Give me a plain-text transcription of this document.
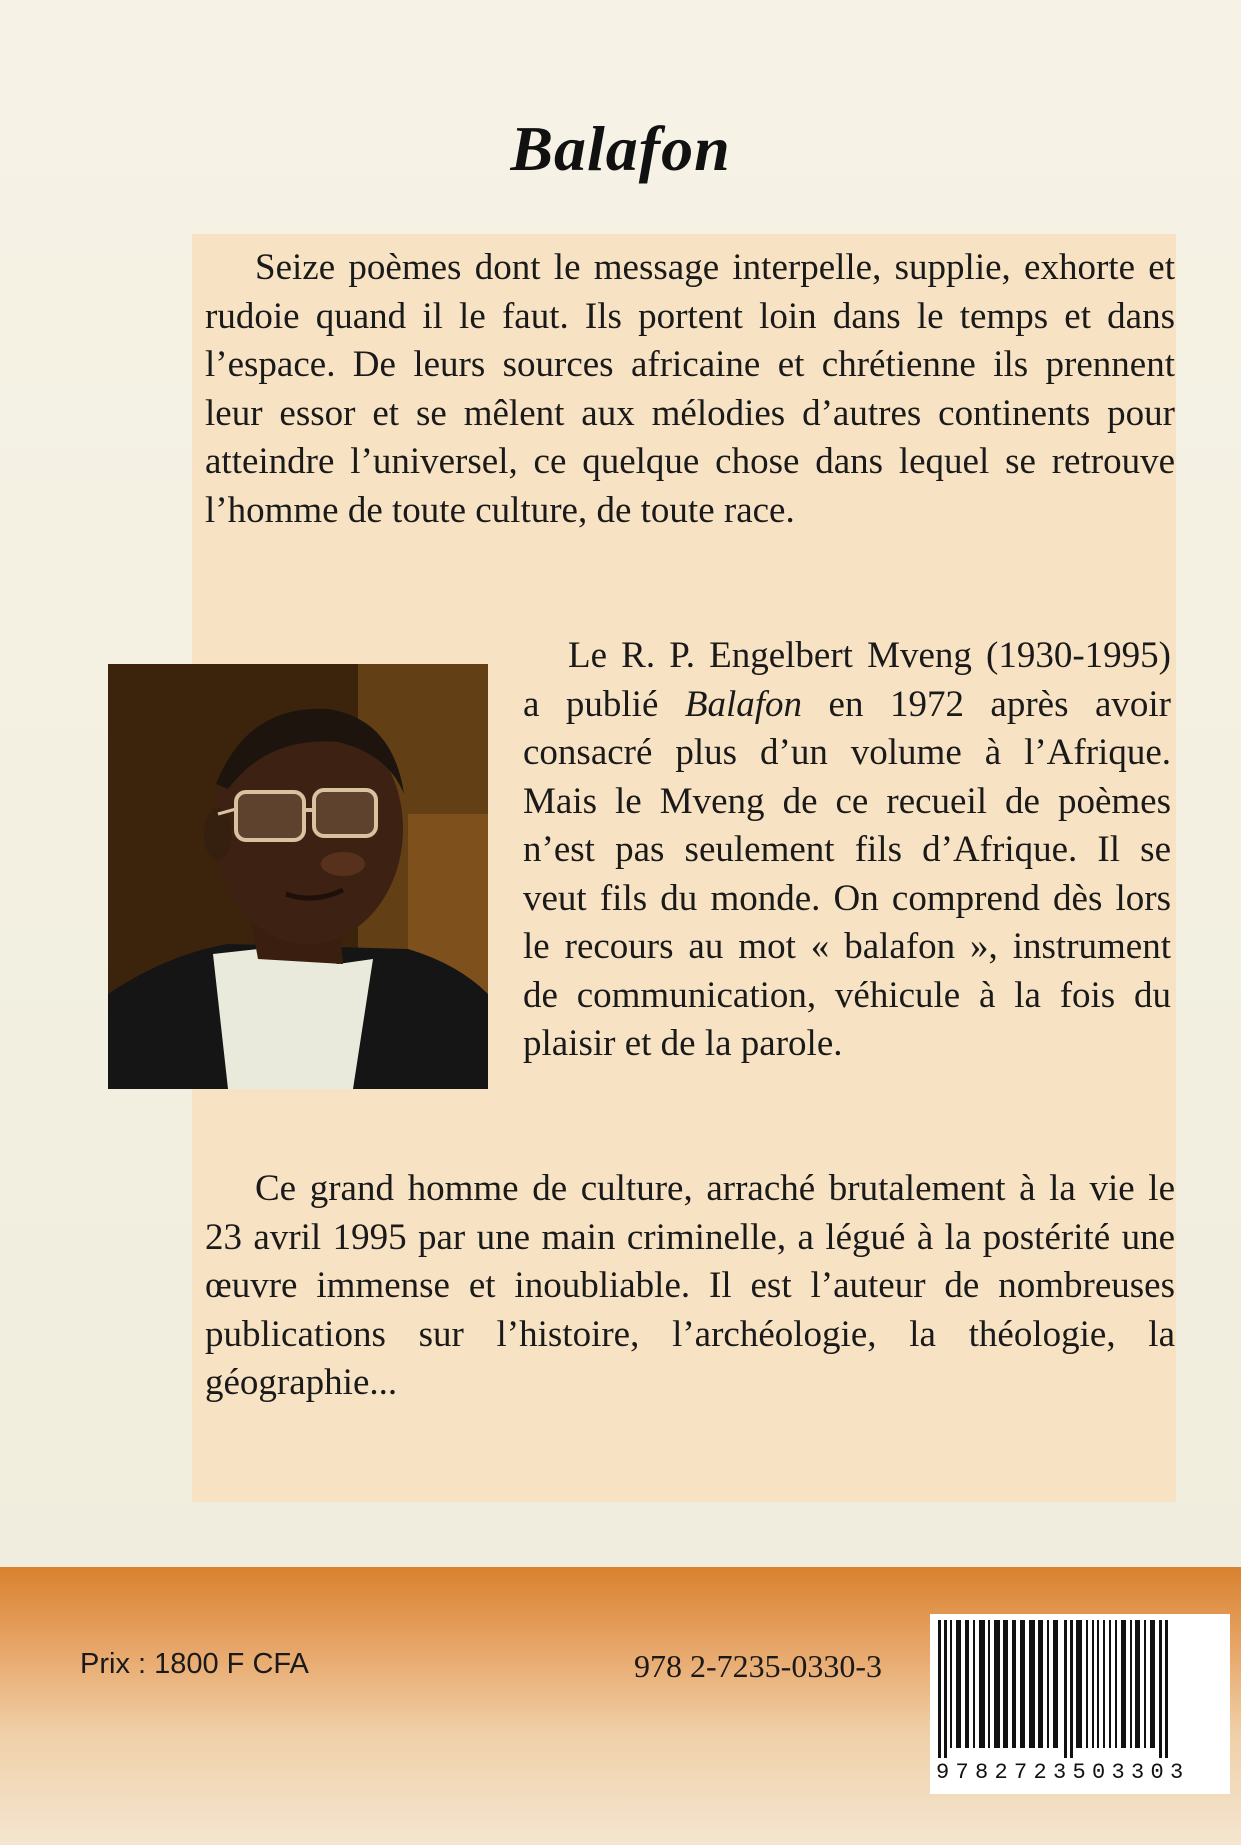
Balafon

Seize poèmes dont le message interpelle, supplie, exhorte et rudoie quand il le faut. Ils portent loin dans le temps et dans l’espace. De leurs sources africaine et chrétienne ils prennent leur essor et se mêlent aux mélodies d’autres continents pour atteindre l’universel, ce quelque chose dans lequel se retrouve l’homme de toute culture, de toute race.

Le R. P. Engelbert Mveng (1930-1995) a publié Balafon en 1972 après avoir consacré plus d’un volume à l’Afrique. Mais le Mveng de ce recueil de poèmes n’est pas seulement fils d’Afrique. Il se veut fils du monde. On comprend dès lors le recours au mot « balafon », instrument de communication, véhicule à la fois du plaisir et de la parole.

Ce grand homme de culture, arraché brutalement à la vie le 23 avril 1995 par une main criminelle, a légué à la postérité une œuvre immense et inoubliable. Il est l’auteur de nombreuses publications sur l’histoire, l’archéologie, la théologie, la géographie...

Prix : 1800 F CFA	978 2-7235-0330-3
9782723503303
